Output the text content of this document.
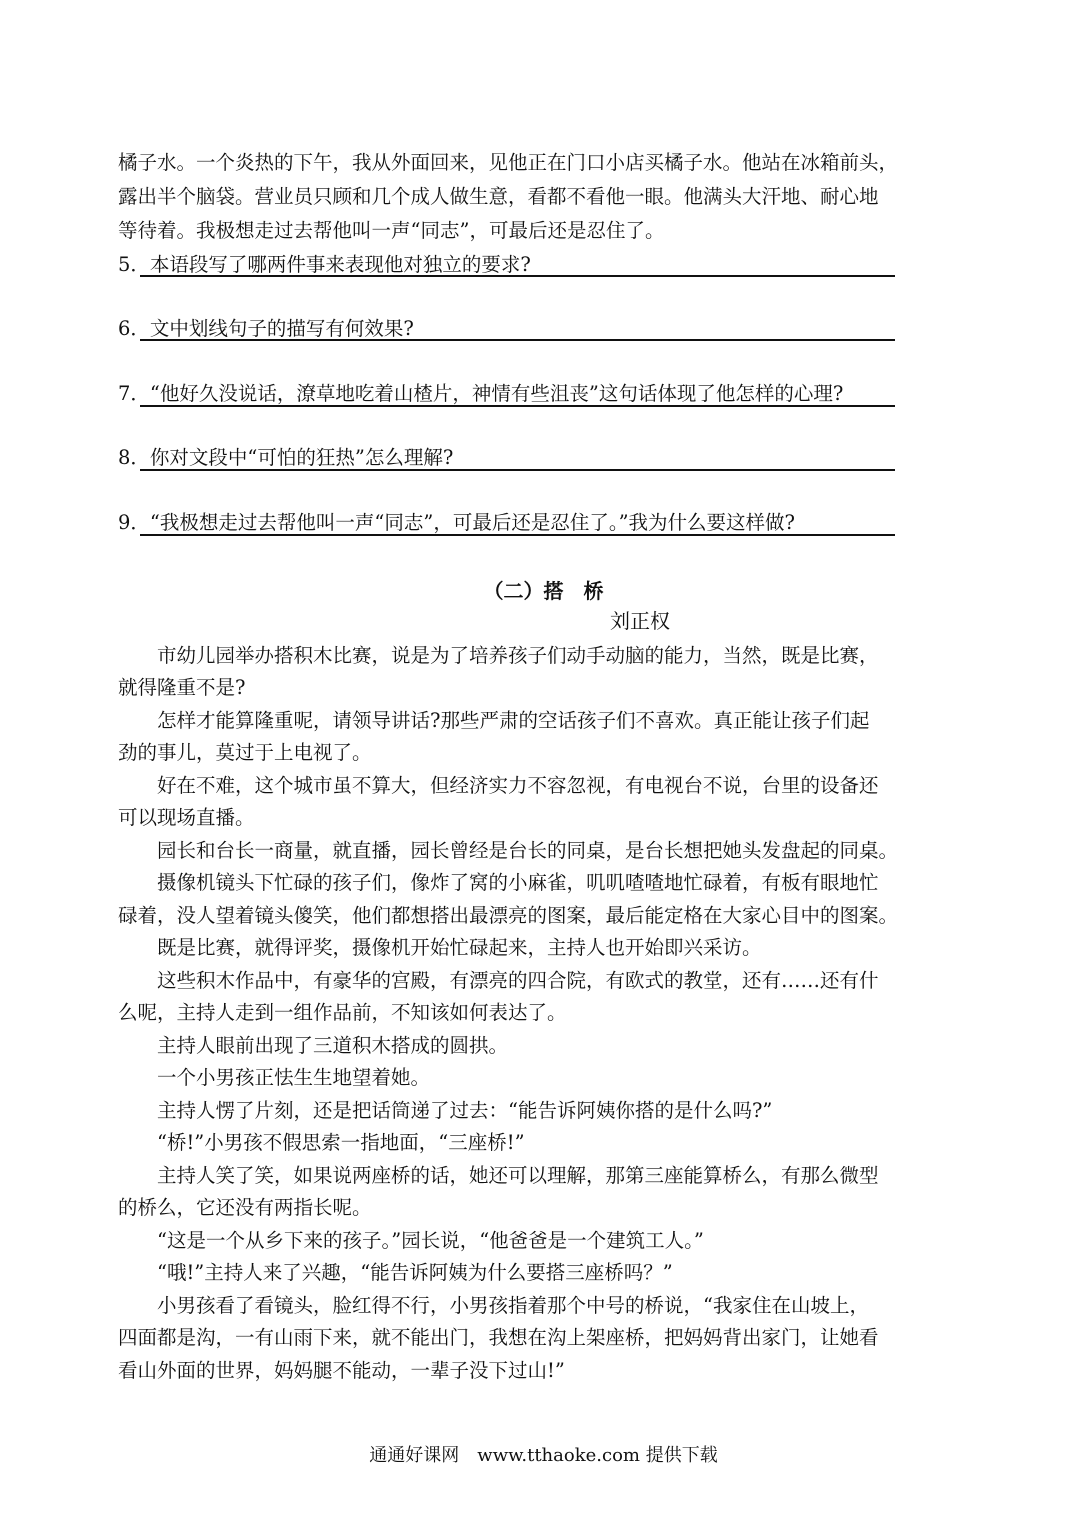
橘子水。一个炎热的下午，我从外面回来，见他正在门口小店买橘子水。他站在冰箱前头，
露出半个脑袋。营业员只顾和几个成人做生意，看都不看他一眼。他满头大汗地、耐心地
等待着。我极想走过去帮他叫一声“同志”，可最后还是忍住了。
5．本语段写了哪两件事来表现他对独立的要求?
6．文中划线句子的描写有何效果?
7．“他好久没说话，潦草地吃着山楂片，神情有些沮丧”这句话体现了他怎样的心理?
8．你对文段中“可怕的狂热”怎么理解?
9．“我极想走过去帮他叫一声“同志”，可最后还是忍住了。”我为什么要这样做?
（二）搭　桥
刘正权
　　市幼儿园举办搭积木比赛，说是为了培养孩子们动手动脑的能力，当然，既是比赛，
就得隆重不是?
　　怎样才能算隆重呢，请领导讲话?那些严肃的空话孩子们不喜欢。真正能让孩子们起
劲的事儿，莫过于上电视了。
　　好在不难，这个城市虽不算大，但经济实力不容忽视，有电视台不说，台里的设备还
可以现场直播。
　　园长和台长一商量，就直播，园长曾经是台长的同桌，是台长想把她头发盘起的同桌。
　　摄像机镜头下忙碌的孩子们，像炸了窝的小麻雀，叽叽喳喳地忙碌着，有板有眼地忙
碌着，没人望着镜头傻笑，他们都想搭出最漂亮的图案，最后能定格在大家心目中的图案。
　　既是比赛，就得评奖，摄像机开始忙碌起来，主持人也开始即兴采访。
　　这些积木作品中，有豪华的宫殿，有漂亮的四合院，有欧式的教堂，还有……还有什
么呢，主持人走到一组作品前，不知该如何表达了。
　　主持人眼前出现了三道积木搭成的圆拱。
　　一个小男孩正怯生生地望着她。
　　主持人愣了片刻，还是把话筒递了过去：“能告诉阿姨你搭的是什么吗?”
　　“桥!”小男孩不假思索一指地面，“三座桥!”
　　主持人笑了笑，如果说两座桥的话，她还可以理解，那第三座能算桥么，有那么微型
的桥么，它还没有两指长呢。
　　“这是一个从乡下来的孩子。”园长说，“他爸爸是一个建筑工人。”
　　“哦!”主持人来了兴趣，“能告诉阿姨为什么要搭三座桥吗？”
　　小男孩看了看镜头，脸红得不行，小男孩指着那个中号的桥说，“我家住在山坡上，
四面都是沟，一有山雨下来，就不能出门，我想在沟上架座桥，把妈妈背出家门，让她看
看山外面的世界，妈妈腿不能动，一辈子没下过山!”
通通好课网　www.tthaoke.com 提供下载
